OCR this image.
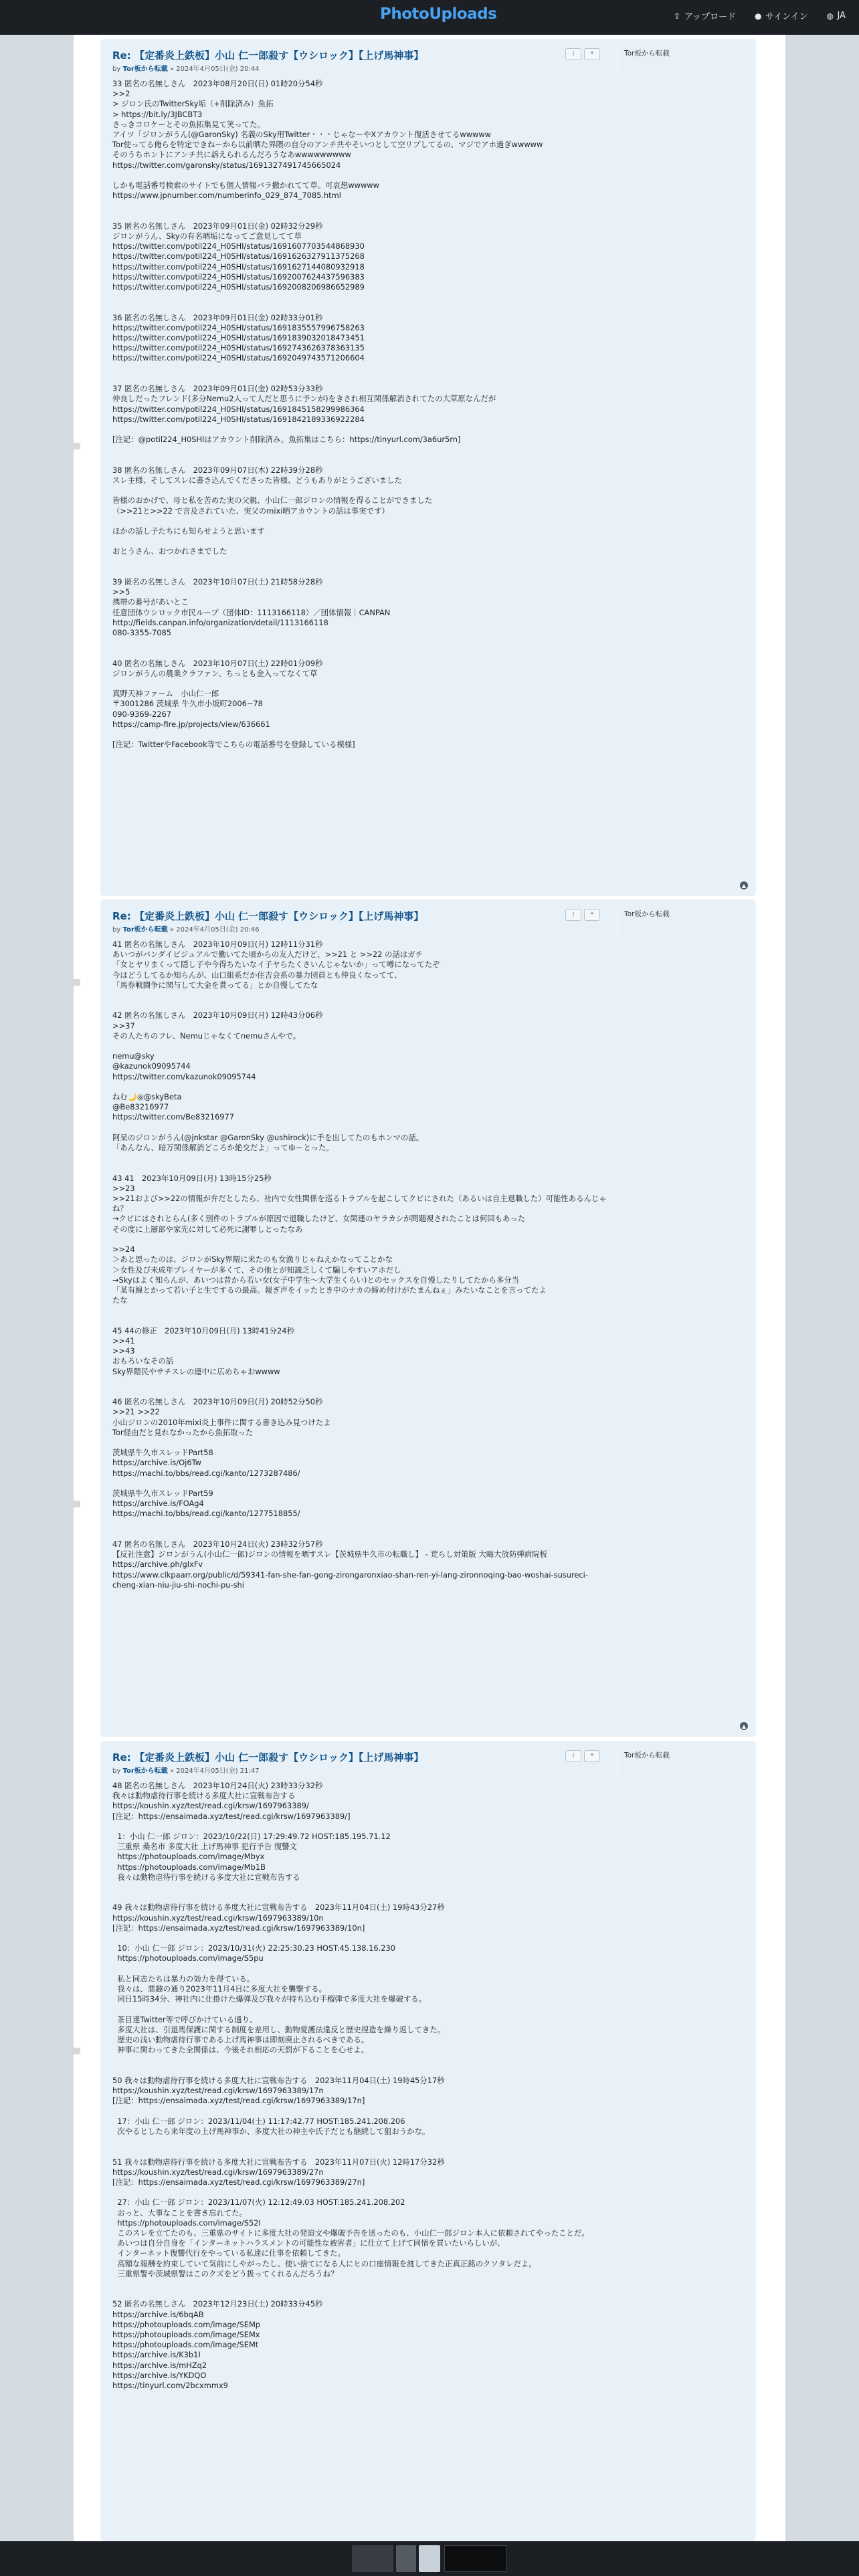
PhotoUploads	⇪ アップロード ● サインイン ◍ JA
! ❝
Re: 【定番炎上鉄板】小山 仁一郎殺す【ウシロック】【上げ馬神事】
by Tor板から転載 » 2024年4月05日(金) 20:44
33 匿名の名無しさん　2023年08月20日(日) 01時20分54秒
>>2
> ジロン氏のTwitterSky垢（+削除済み）魚拓
> https://bit.ly/3JBCBT3
さっきコロケーとその魚拓集見て笑ってた。
アイツ「ジロンがうん(@GaronSky) 名義のSky用Twitter・・・じゃなーやXアカウント復活させてるwwwww
Tor使ってる俺らを特定できねーから以前晒た界隈の自分のアンチ共やそいつとして空リプしてるの、マジでアホ過ぎwwwww
そのうちホントにアンチ共に訴えられるんだろうなあwwwwwwwww
https://twitter.com/garonsky/status/1691327491745665024

しかも電話番号検索のサイトでも個人情報バラ撒かれてて草。可哀想wwwww
https://www.jpnumber.com/numberinfo_029_874_7085.html

35 匿名の名無しさん　2023年09月01日(金) 02時32分29秒
ジロンがうん、Skyの有名晒垢になってご意見してて草
https://twitter.com/potil224_H0SHI/status/1691607703544868930
https://twitter.com/potil224_H0SHI/status/1691626327911375268
https://twitter.com/potil224_H0SHI/status/1691627144080932918
https://twitter.com/potil224_H0SHI/status/1692007624437596383
https://twitter.com/potil224_H0SHI/status/1692008206986652989

36 匿名の名無しさん　2023年09月01日(金) 02時33分01秒
https://twitter.com/potil224_H0SHI/status/1691835557996758263
https://twitter.com/potil224_H0SHI/status/1691839032018473451
https://twitter.com/potil224_H0SHI/status/1692743626378363135
https://twitter.com/potil224_H0SHI/status/1692049743571206604

37 匿名の名無しさん　2023年09月01日(金) 02時53分33秒
仲良しだったフレンド(多分Nemu2人って人だと思うに予ンが)をきされ相互関係解消されてたの大草原なんだが
https://twitter.com/potil224_H0SHI/status/1691845158299986364
https://twitter.com/potil224_H0SHI/status/1691842189336922284

[注記：@potil224_H0SHIはアカウント削除済み。魚拓集はこちら：https://tinyurl.com/3a6ur5rn]

38 匿名の名無しさん　2023年09月07日(木) 22時39分28秒
スレ主様、そしてスレに書き込んでくださった皆様、どうもありがとうございました

皆様のおかげで、母と私を苦めた実の父親、小山仁一郎ジロンの情報を得ることができました
（>>21と>>22 で言及されていた、実父のmixi晒アカウントの話は事実です）

ほかの話し子たちにも知らせようと思います

おとうさん、おつかれさまでした

39 匿名の名無しさん　2023年10月07日(土) 21時58分28秒
>>5
携帯の番号があいとこ
任意団体ウシロック市民ループ（団体ID：1113166118）／団体情報｜CANPAN
http://fields.canpan.info/organization/detail/1113166118
080-3355-7085

40 匿名の名無しさん　2023年10月07日(土) 22時01分09秒
ジロンがうんの農業クラファン、ちっとも金入ってなくて草

真野天神ファーム　小山仁一郎
〒3001286 茨城県 牛久市小坂町2006−78
090-9369-2267
https://camp-fire.jp/projects/view/636661

[注記：TwitterやFacebook等でこちらの電話番号を登録している模様]
Tor板から転載
▲
! ❝
Re: 【定番炎上鉄板】小山 仁一郎殺す【ウシロック】【上げ馬神事】
by Tor板から転載 » 2024年4月05日(金) 20:46
41 匿名の名無しさん　2023年10月09日(月) 12時11分31秒
あいつがバンダイビジュアルで働いてた頃からの友人だけど、>>21 と >>22 の話はガチ
「女とヤリまくって隠し子や今得ちたいなイ子ヤらたくさいんじゃないか」って噂になってたぞ
今はどうしてるか知らんが、山口組系だか住吉会系の暴力団員とも仲良くなってて、
「馬券戦闘争に関与して大金を貰ってる」とか自慢してたな

42 匿名の名無しさん　2023年10月09日(月) 12時43分06秒
>>37
その人たちのフレ、Nemuじゃなくてnemuさんやで。

nemu@sky
@kazunok09095744
https://twitter.com/kazunok09095744

ねむ🌙◎@skyBeta
@Be83216977
https://twitter.com/Be83216977

阿呆のジロンがうん(@jnkstar @GaronSky @ushirock)に手を出してたのもホンマの話。
「あんなん、暗万関係解消どころか絶交だよ」ってゆーとった。

43 41　2023年10月09日(月) 13時15分25秒
>>23
>>21および>>22の情報が弁だとしたら、社内で女性関係を巡るトラブルを起こしてクビにされた（あるいは自主退職した）可能性あるんじゃね？
→クビにはされとらん(多く別件のトラブルが原因で退職したけど、女関連のヤラカシが問題視されたことは何回もあった
その度に上層部や家先に対して必死に謝罪しとったなあ

>>24
＞あと思ったのは、ジロンがSky界隈に来たのも女漁りじゃねえかなってことかな
＞女性及び未成年プレイヤーが多くて、その他とが知識乏しくて騙しやすいアホだし
→Skyはよく知らんが、あいつは昔から若い女(女子中学生～大学生くらい)とのセックスを自慢したりしてたから多分当
「某有線とかって若い子と生でするの最高。報ぎ声をイッたとき中のナカの締め付けがたまんねぇ」みたいなことを言ってたよ
たな

45 44の修正　2023年10月09日(月) 13時41分24秒
>>41
>>43
おもろいなその話
Sky界隈民やサチスレの連中に広めちゃおwwww

46 匿名の名無しさん　2023年10月09日(月) 20時52分50秒
>>21 >>22
小山ジロンの2010年mixi炎上事件に関する書き込み見つけたよ
Tor経由だと見れなかったから魚拓取った

茨城県牛久市スレッドPart58
https://archive.is/Oj6Tw
https://machi.to/bbs/read.cgi/kanto/1273287486/

茨城県牛久市スレッドPart59
https://archive.is/FOAg4
https://machi.to/bbs/read.cgi/kanto/1277518855/

47 匿名の名無しさん　2023年10月24日(火) 23時32分57秒
【反社注意】ジロンがうん(小山仁一郎)ジロンの情報を晒すスレ【茨城県牛久市の転職し】 - 荒らし対策版 大晦大放防弾病院板
https://archive.ph/gIxFv
https://www.clkpaarr.org/public/d/59341-fan-she-fan-gong-zirongaronxiao-shan-ren-yi-lang-zironnoqing-bao-woshai-susureci-cheng-xian-niu-jiu-shi-nochi-pu-shi
Tor板から転載
▲
! ❝
Re: 【定番炎上鉄板】小山 仁一郎殺す【ウシロック】【上げ馬神事】
by Tor板から転載 » 2024年4月05日(金) 21:47
48 匿名の名無しさん　2023年10月24日(火) 23時33分32秒
我々は動物虐待行事を続ける多度大社に宣戦布告する
https://koushin.xyz/test/read.cgi/krsw/1697963389/
[注記：https://ensaimada.xyz/test/read.cgi/krsw/1697963389/]

1：小山 仁一郎 ジロン：2023/10/22(日) 17:29:49.72 HOST:185.195.71.12
三重県 桑名市 多度大社 上げ馬神事 犯行予告 復讐文
https://photouploads.com/image/Mbyx
https://photouploads.com/image/Mb1B
我々は動物虐待行事を続ける多度大社に宣戦布告する

49 我々は動物虐待行事を続ける多度大社に宣戦布告する　2023年11月04日(土) 19時43分27秒
https://koushin.xyz/test/read.cgi/krsw/1697963389/10n
[注記：https://ensaimada.xyz/test/read.cgi/krsw/1697963389/10n]

10：小山 仁一郎 ジロン：2023/10/31(火) 22:25:30.23 HOST:45.138.16.230
https://photouploads.com/image/S5pu

私と同志たちは暴力の効力を得ている。
我々は、悪趣の通り2023年11月4日に多度大社を襲撃する。
同日15時34分、神社内に仕掛けた爆弾及び我々が持ち込む手榴弾で多度大社を爆破する。

茶目達Twitter等で呼びかけている通り、
多度大社は、引退馬保護に関する制度を差用し、動物愛護法違反と歴史捏造を繰り返してきた。
歴史の浅い動物虐待行事である上げ馬神事は即刻廃止されるべきである。
神事に関わってきた全関係は、今後それ相応の天罰が下ることを心せよ。

50 我々は動物虐待行事を続ける多度大社に宣戦布告する　2023年11月04日(土) 19時45分17秒
https://koushin.xyz/test/read.cgi/krsw/1697963389/17n
[注記：https://ensaimada.xyz/test/read.cgi/krsw/1697963389/17n]

17：小山 仁一郎 ジロン：2023/11/04(土) 11:17:42.77 HOST:185.241.208.206
次やるとしたら来年度の上げ馬神事か、多度大社の神主や氏子だとも継続して狙おうかな。

51 我々は動物虐待行事を続ける多度大社に宣戦布告する　2023年11月07日(火) 12時17分32秒
https://koushin.xyz/test/read.cgi/krsw/1697963389/27n
[注記：https://ensaimada.xyz/test/read.cgi/krsw/1697963389/27n]

27：小山 仁一郎 ジロン：2023/11/07(火) 12:12:49.03 HOST:185.241.208.202
おっと、大事なことを書き忘れてた。
https://photouploads.com/image/S52I
このスレを立てたのも、三重県のサイトに多度大社の発迫文や爆破予告を送ったのも、小山仁一郎ジロン本人に依頼されてやったことだ。
あいつは自分自身を「インターネットハラスメントの可能性な被害者」に仕立て上げて同情を買いたいらしいが、
インターネット復讐代行をやっている私達に仕事を依頼してきた。
高額な報酬を約束していて気前にしやがったし、使い捨てになる人にヒの口座情報を渡してきた正真正銘のクソタレだよ。
三重県警や茨城県警はこのクズをどう扱ってくれるんだろうね？

52 匿名の名無しさん　2023年12月23日(土) 20時33分45秒
https://archive.is/6bqAB
https://photouploads.com/image/SEMp
https://photouploads.com/image/SEMx
https://photouploads.com/image/SEMt
https://archive.is/K3b1I
https://archive.is/mHZq2
https://archive.is/YKDQO
https://tinyurl.com/2bcxmmx9
Tor板から転載
